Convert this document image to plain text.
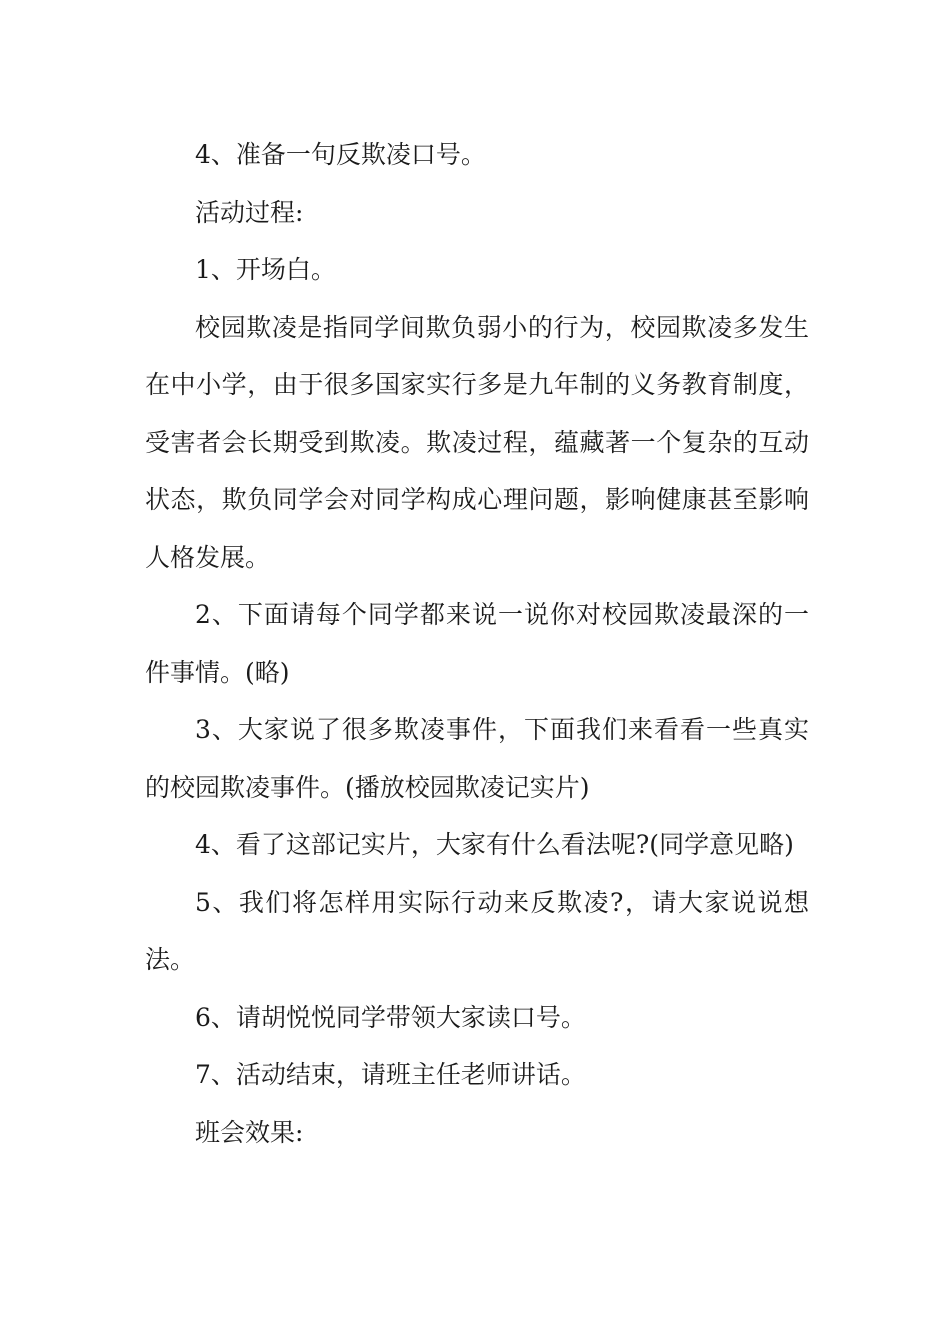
4、准备一句反欺凌口号。

活动过程:

1、开场白。

校园欺凌是指同学间欺负弱小的行为，校园欺凌多发生在中小学，由于很多国家实行多是九年制的义务教育制度，受害者会长期受到欺凌。欺凌过程，蕴藏著一个复杂的互动状态，欺负同学会对同学构成心理问题，影响健康甚至影响人格发展。

2、下面请每个同学都来说一说你对校园欺凌最深的一件事情。(略)

3、大家说了很多欺凌事件，下面我们来看看一些真实的校园欺凌事件。(播放校园欺凌记实片)

4、看了这部记实片，大家有什么看法呢?(同学意见略)

5、我们将怎样用实际行动来反欺凌?，请大家说说想法。

6、请胡悦悦同学带领大家读口号。

7、活动结束，请班主任老师讲话。

班会效果:
